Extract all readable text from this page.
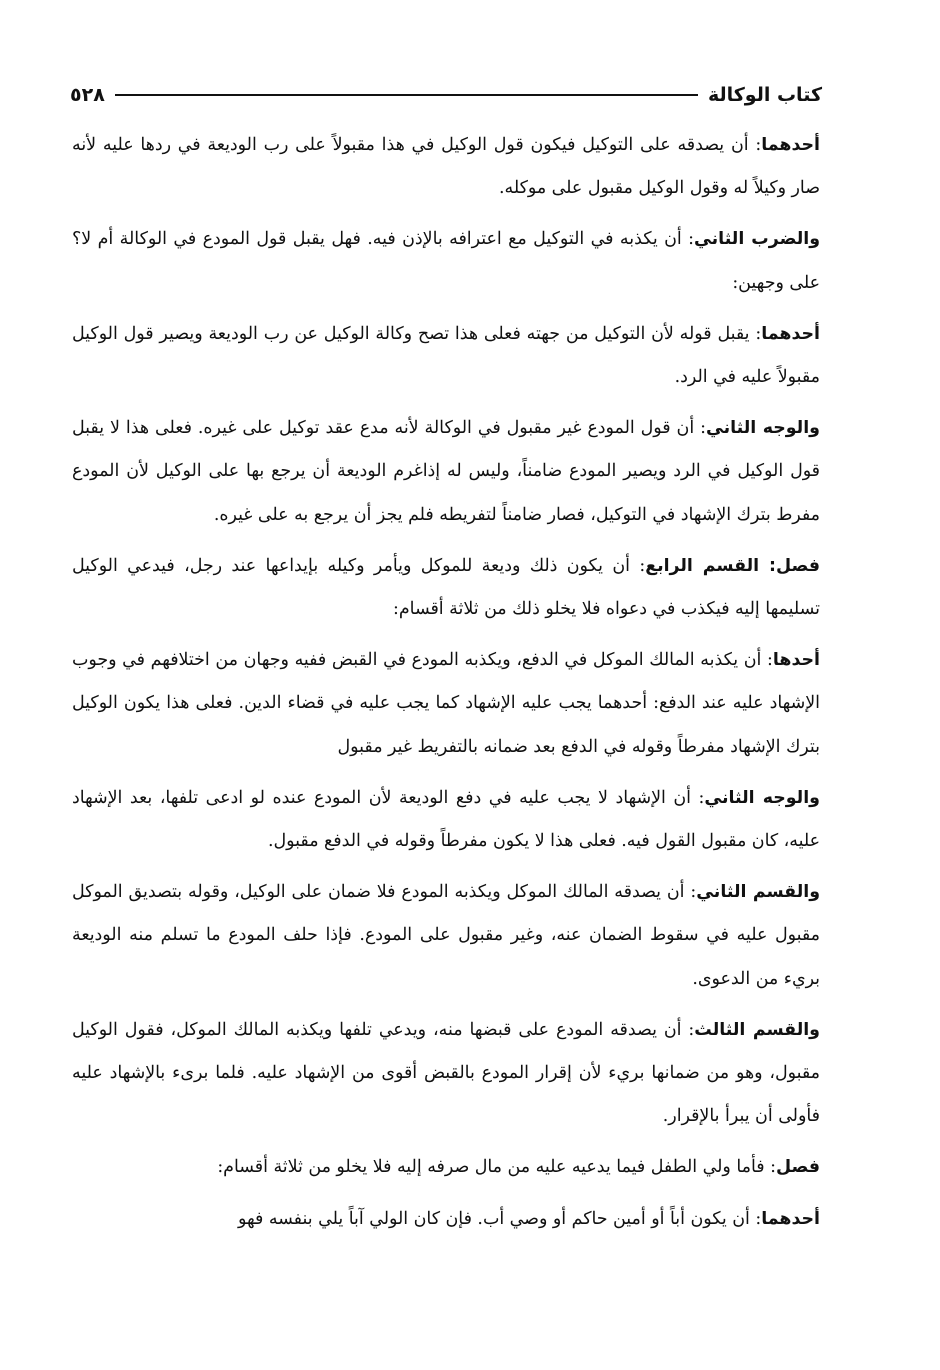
كتاب الوكالة
٥٢٨

أحدهما: أن يصدقه على التوكيل فيكون قول الوكيل في هذا مقبولاً على رب الوديعة في ردها عليه لأنه صار وكيلاً له وقول الوكيل مقبول على موكله.

والضرب الثاني: أن يكذبه في التوكيل مع اعترافه بالإذن فيه. فهل يقبل قول المودع في الوكالة أم لا؟ على وجهين:

أحدهما: يقبل قوله لأن التوكيل من جهته فعلى هذا تصح وكالة الوكيل عن رب الوديعة ويصير قول الوكيل مقبولاً عليه في الرد.

والوجه الثاني: أن قول المودع غير مقبول في الوكالة لأنه مدع عقد توكيل على غيره. فعلى هذا لا يقبل قول الوكيل في الرد ويصير المودع ضامناً، وليس له إذاغرم الوديعة أن يرجع بها على الوكيل لأن المودع مفرط بترك الإشهاد في التوكيل، فصار ضامناً لتفريطه فلم يجز أن يرجع به على غيره.

فصل: القسم الرابع: أن يكون ذلك وديعة للموكل ويأمر وكيله بإيداعها عند رجل، فيدعي الوكيل تسليمها إليه فيكذب في دعواه فلا يخلو ذلك من ثلاثة أقسام:

أحدها: أن يكذبه المالك الموكل في الدفع، ويكذبه المودع في القبض ففيه وجهان من اختلافهم في وجوب الإشهاد عليه عند الدفع: أحدهما يجب عليه الإشهاد كما يجب عليه في قضاء الدين. فعلى هذا يكون الوكيل بترك الإشهاد مفرطاً وقوله في الدفع بعد ضمانه بالتفريط غير مقبول

والوجه الثاني: أن الإشهاد لا يجب عليه في دفع الوديعة لأن المودع عنده لو ادعى تلفها، بعد الإشهاد عليه، كان مقبول القول فيه. فعلى هذا لا يكون مفرطاً وقوله في الدفع مقبول.

والقسم الثاني: أن يصدقه المالك الموكل ويكذبه المودع فلا ضمان على الوكيل، وقوله بتصديق الموكل مقبول عليه في سقوط الضمان عنه، وغير مقبول على المودع. فإذا حلف المودع ما تسلم منه الوديعة بريء من الدعوى.

والقسم الثالث: أن يصدقه المودع على قبضها منه، ويدعي تلفها ويكذبه المالك الموكل، فقول الوكيل مقبول، وهو من ضمانها بريء لأن إقرار المودع بالقبض أقوى من الإشهاد عليه. فلما برىء بالإشهاد عليه فأولى أن يبرأ بالإقرار.

فصل: فأما ولي الطفل فيما يدعيه عليه من مال صرفه إليه فلا يخلو من ثلاثة أقسام:

أحدهما: أن يكون أباً أو أمين حاكم أو وصي أب. فإن كان الولي آباً يلي بنفسه فهو
